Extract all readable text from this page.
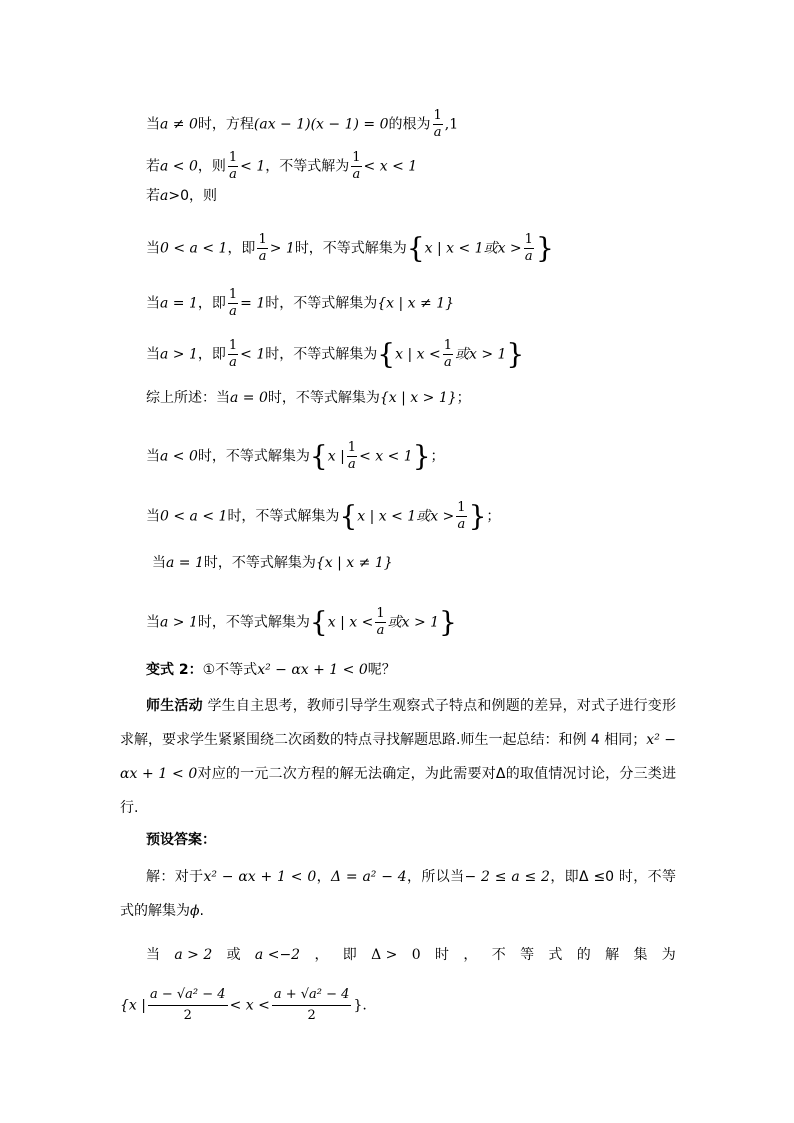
当a ≠ 0时，方程(ax − 1)(x − 1) = 0的根为 $\frac{1}{a} ,1$
若a < 0，则 $\frac{1}{a} < 1$，不等式解为 $\frac{1}{a} < x < 1$
若a>0，则
当0 < a < 1，即 $\frac{1}{a} > 1$时，不等式解集为{x | x < 1或$x > \frac{1}{a}$ }
当a = 1，即 $\frac{1}{a} = 1$时，不等式解集为{x | x ≠ 1}
当a > 1，即 $\frac{1}{a} < 1$时，不等式解集为{x | $x < \frac{1}{a}$ 或x > 1}
综上所述：当a = 0时，不等式解集为{x | x > 1}；
当a < 0时，不等式解集为{x | $\frac{1}{a} < x < 1$}；
当0 < a < 1时，不等式解集为{x | x < 1或$x > \frac{1}{a}$ }；
当a = 1时，不等式解集为{x | x ≠ 1}
当a > 1时，不等式解集为{x | $x < \frac{1}{a}$ 或x > 1}
变式 2：①不等式x² − αx + 1 < 0呢？
师生活动 学生自主思考，教师引导学生观察式子特点和例题的差异，对式子进行变形求解，要求学生紧紧围绕二次函数的特点寻找解题思路.师生一起总结：和例 4 相同；x² − αx + 1 < 0对应的一元二次方程的解无法确定，为此需要对Δ的取值情况讨论，分三类进行.
预设答案：
解：对于x² − αx + 1 < 0，Δ = a² − 4，所以当− 2 ≤ a ≤ 2，即Δ ≤0 时，不等式的解集为ϕ.
当 a > 2 或 a <−2 ， 即 Δ > 0 时 ， 不 等 式 的 解 集 为
{x | $\frac{\text{a − √a² − 4}}{2} < x < \frac{\text{a + √a² − 4}}{2}$ }.
